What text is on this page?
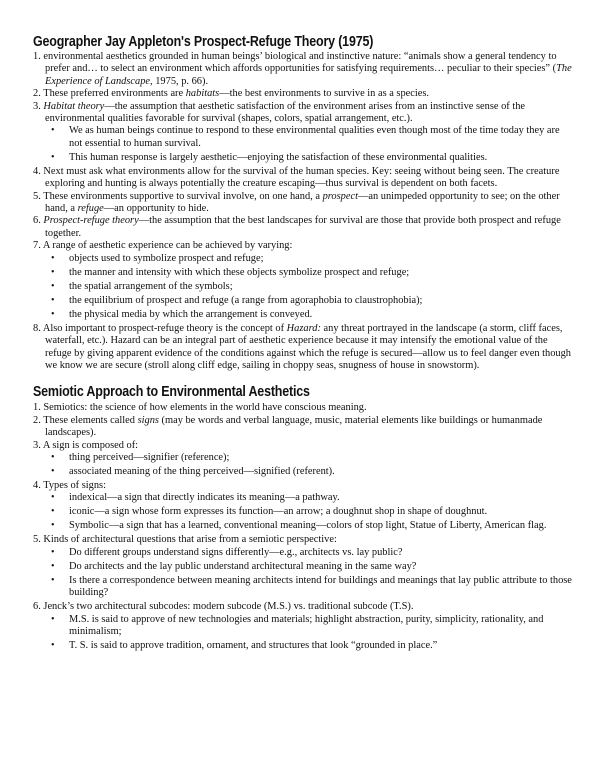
Geographer Jay Appleton's Prospect-Refuge Theory (1975)
1. environmental aesthetics grounded in human beings’ biological and instinctive nature: “animals show a general tendency to prefer and… to select an environment which affords opportunities for satisfying requirements… peculiar to their species” (The Experience of Landscape, 1975, p. 66).
2. These preferred environments are habitats—the best environments to survive in as a species.
3. Habitat theory—the assumption that aesthetic satisfaction of the environment arises from an instinctive sense of the environmental qualities favorable for survival (shapes, colors, spatial arrangement, etc.).
• We as human beings continue to respond to these environmental qualities even though most of the time today they are not essential to human survival.
• This human response is largely aesthetic—enjoying the satisfaction of these environmental qualities.
4. Next must ask what environments allow for the survival of the human species. Key: seeing without being seen. The creature exploring and hunting is always potentially the creature escaping—thus survival is dependent on both facets.
5. These environments supportive to survival involve, on one hand, a prospect—an unimpeded opportunity to see; on the other hand, a refuge—an opportunity to hide.
6. Prospect-refuge theory—the assumption that the best landscapes for survival are those that provide both prospect and refuge together.
7. A range of aesthetic experience can be achieved by varying:
• objects used to symbolize prospect and refuge;
• the manner and intensity with which these objects symbolize prospect and refuge;
• the spatial arrangement of the symbols;
• the equilibrium of prospect and refuge (a range from agoraphobia to claustrophobia);
• the physical media by which the arrangement is conveyed.
8. Also important to prospect-refuge theory is the concept of Hazard: any threat portrayed in the landscape (a storm, cliff faces, waterfall, etc.). Hazard can be an integral part of aesthetic experience because it may intensify the emotional value of the refuge by giving apparent evidence of the conditions against which the refuge is secured—allow us to feel danger even though we know we are secure (stroll along cliff edge, sailing in choppy seas, snugness of house in snowstorm).
Semiotic Approach to Environmental Aesthetics
1. Semiotics: the science of how elements in the world have conscious meaning.
2. These elements called signs (may be words and verbal language, music, material elements like buildings or humanmade landscapes).
3. A sign is composed of:
• thing perceived—signifier (reference);
• associated meaning of the thing perceived—signified (referent).
4. Types of signs:
• indexical—a sign that directly indicates its meaning—a pathway.
• iconic—a sign whose form expresses its function—an arrow; a doughnut shop in shape of doughnut.
• Symbolic—a sign that has a learned, conventional meaning—colors of stop light, Statue of Liberty, American flag.
5. Kinds of architectural questions that arise from a semiotic perspective:
• Do different groups understand signs differently—e.g., architects vs. lay public?
• Do architects and the lay public understand architectural meaning in the same way?
• Is there a correspondence between meaning architects intend for buildings and meanings that lay public attribute to those building?
6. Jenck’s two architectural subcodes: modern subcode (M.S.) vs. traditional subcode (T.S).
• M.S. is said to approve of new technologies and materials; highlight abstraction, purity, simplicity, rationality, and minimalism;
• T. S. is said to approve tradition, ornament, and structures that look “grounded in place.”
